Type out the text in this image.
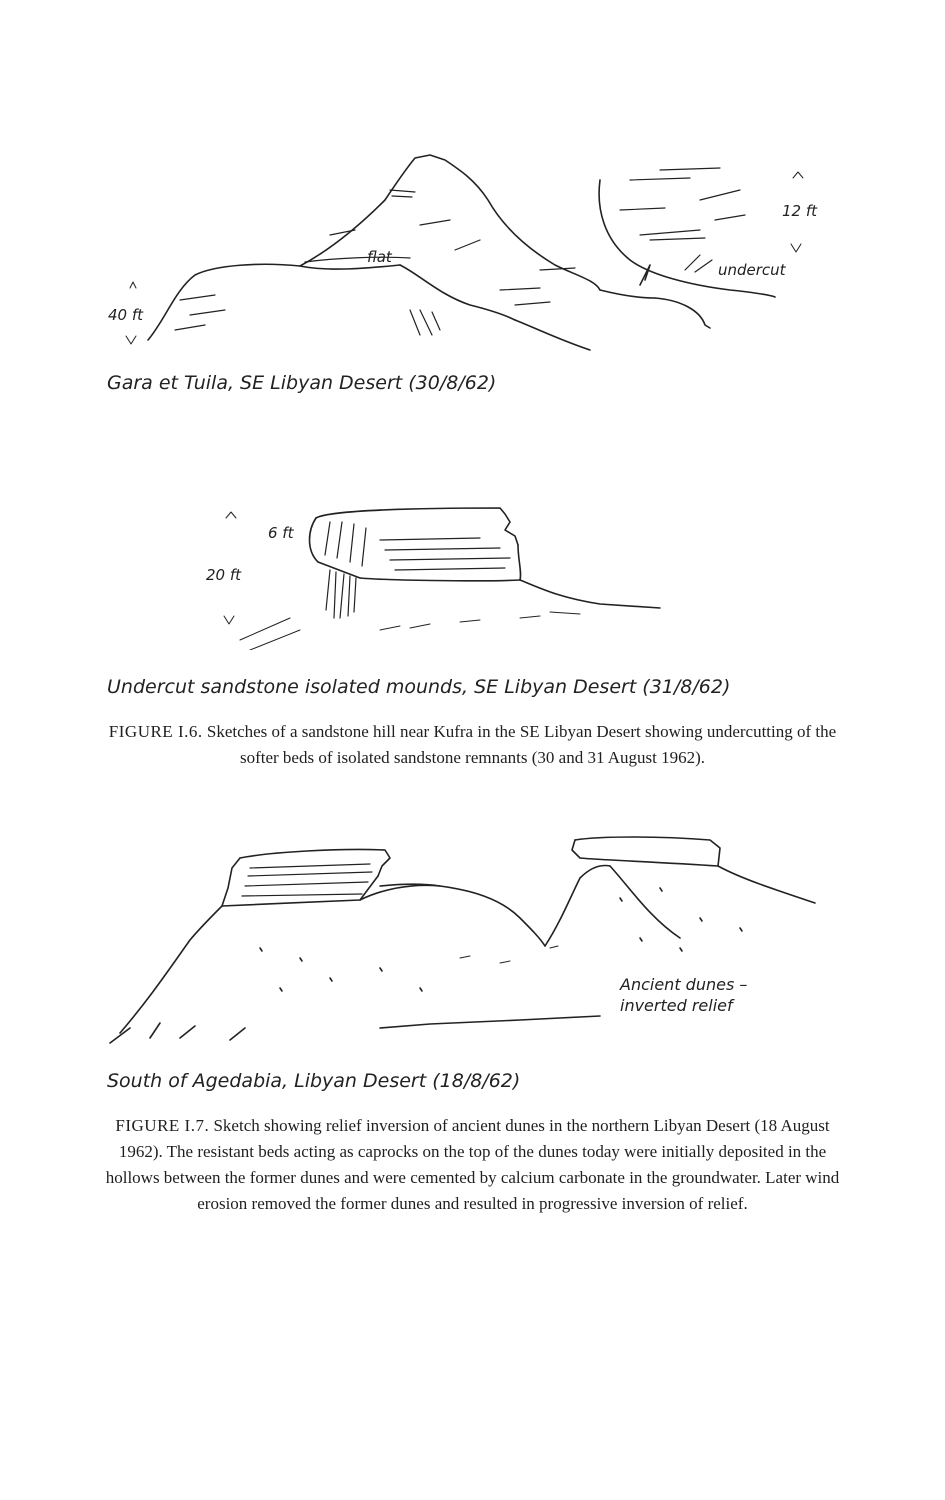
flat
40 ft
12 ft
undercut
Gara et Tuila, SE Libyan Desert (30/8/62)
20 ft
6 ft
Undercut sandstone isolated mounds, SE Libyan Desert (31/8/62)
FIGURE I.6. Sketches of a sandstone hill near Kufra in the SE Libyan Desert showing undercutting of the softer beds of isolated sandstone remnants (30 and 31 August 1962).
Ancient dunes –
inverted relief
South of Agedabia, Libyan Desert (18/8/62)
FIGURE I.7. Sketch showing relief inversion of ancient dunes in the northern Libyan Desert (18 August 1962). The resistant beds acting as caprocks on the top of the dunes today were initially deposited in the hollows between the former dunes and were cemented by calcium carbonate in the groundwater. Later wind erosion removed the former dunes and resulted in progressive inversion of relief.
